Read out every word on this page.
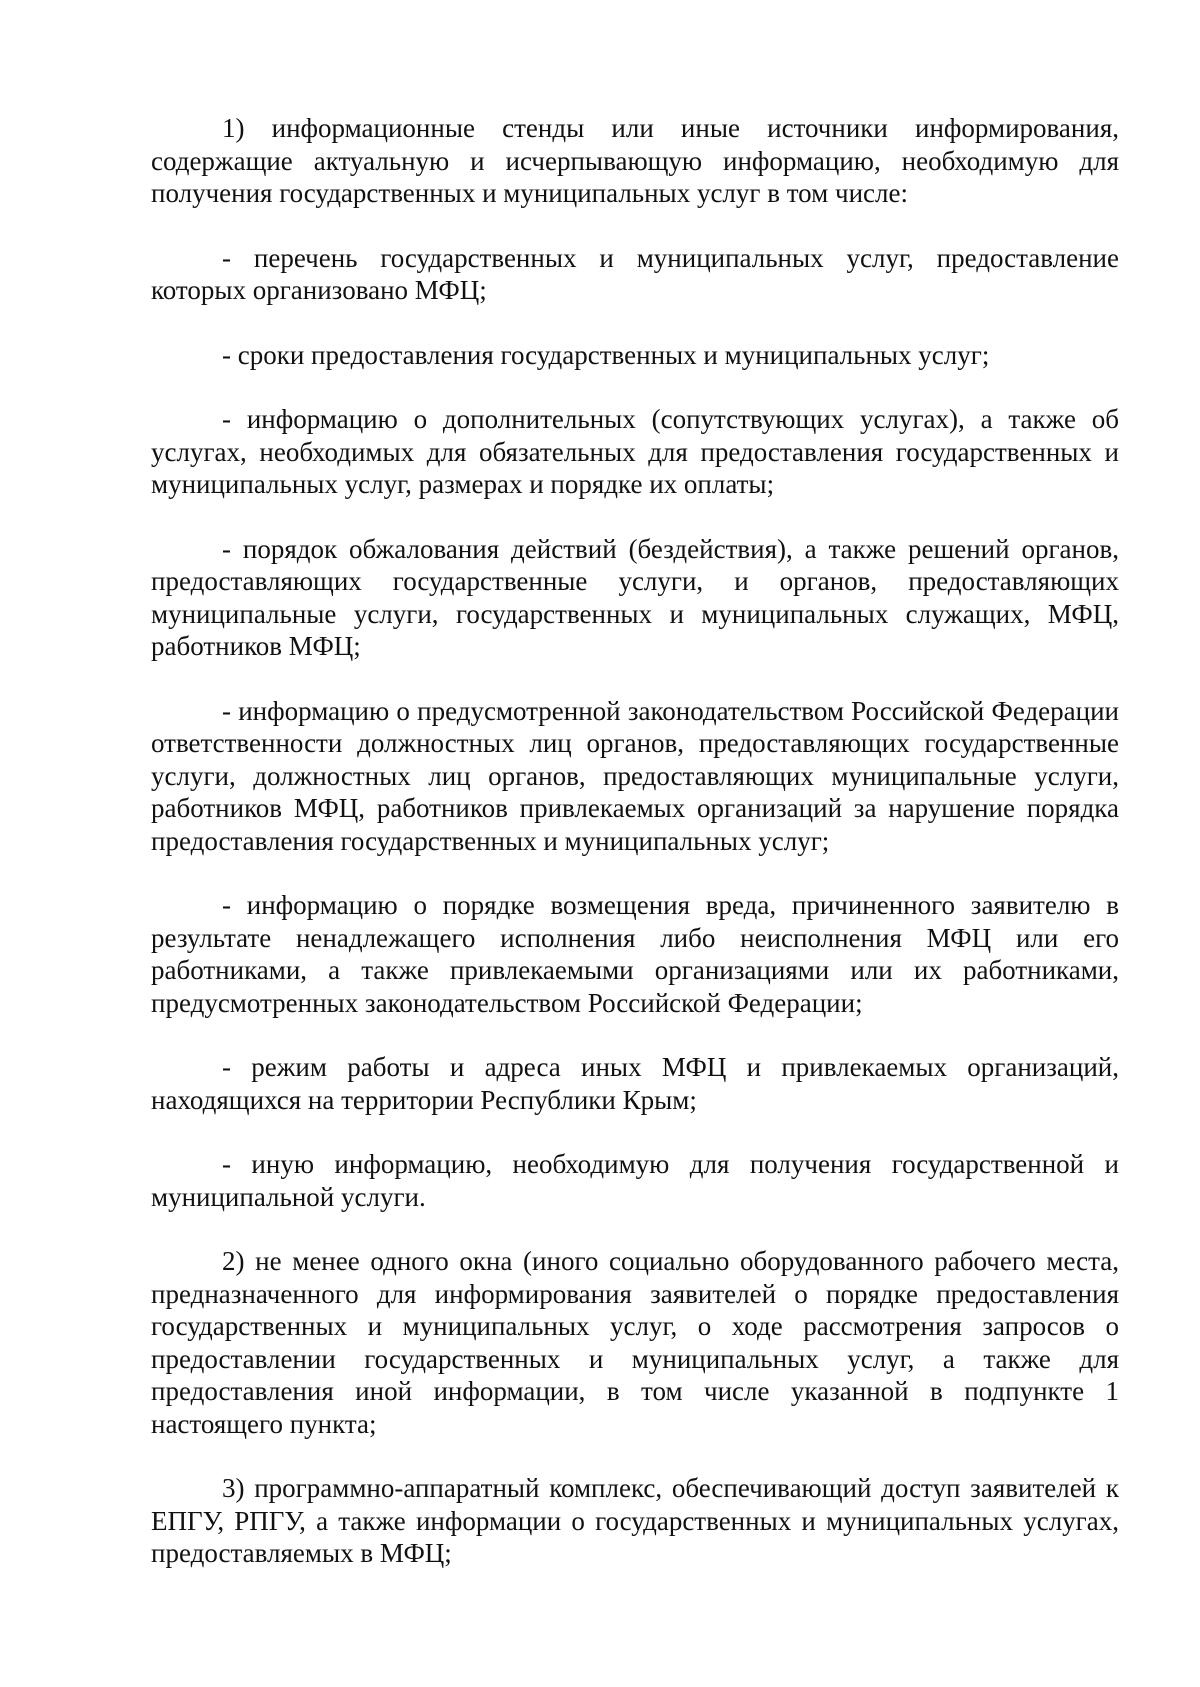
1) информационные стенды или иные источники информирования, содержащие актуальную и исчерпывающую информацию, необходимую для получения государственных и муниципальных услуг в том числе:

- перечень государственных и муниципальных услуг, предоставление которых организовано МФЦ;

- сроки предоставления государственных и муниципальных услуг;

- информацию о дополнительных (сопутствующих услугах), а также об услугах, необходимых для обязательных для предоставления государственных и муниципальных услуг, размерах и порядке их оплаты;

- порядок обжалования действий (бездействия), а также решений органов, предоставляющих государственные услуги, и органов, предоставляющих муниципальные услуги, государственных и муниципальных служащих, МФЦ, работников МФЦ;

- информацию о предусмотренной законодательством Российской Федерации ответственности должностных лиц органов, предоставляющих государственные услуги, должностных лиц органов, предоставляющих муниципальные услуги, работников МФЦ, работников привлекаемых организаций за нарушение порядка предоставления государственных и муниципальных услуг;

- информацию о порядке возмещения вреда, причиненного заявителю в результате ненадлежащего исполнения либо неисполнения МФЦ или его работниками, а также привлекаемыми организациями или их работниками, предусмотренных законодательством Российской Федерации;

- режим работы и адреса иных МФЦ и привлекаемых организаций, находящихся на территории Республики Крым;

- иную информацию, необходимую для получения государственной и муниципальной услуги.

2) не менее одного окна (иного социально оборудованного рабочего места, предназначенного для информирования заявителей о порядке предоставления государственных и муниципальных услуг, о ходе рассмотрения запросов о предоставлении государственных и муниципальных услуг, а также для предоставления иной информации, в том числе указанной в подпункте 1 настоящего пункта;

3) программно-аппаратный комплекс, обеспечивающий доступ заявителей к ЕПГУ, РПГУ, а также информации о государственных и муниципальных услугах, предоставляемых в МФЦ;
